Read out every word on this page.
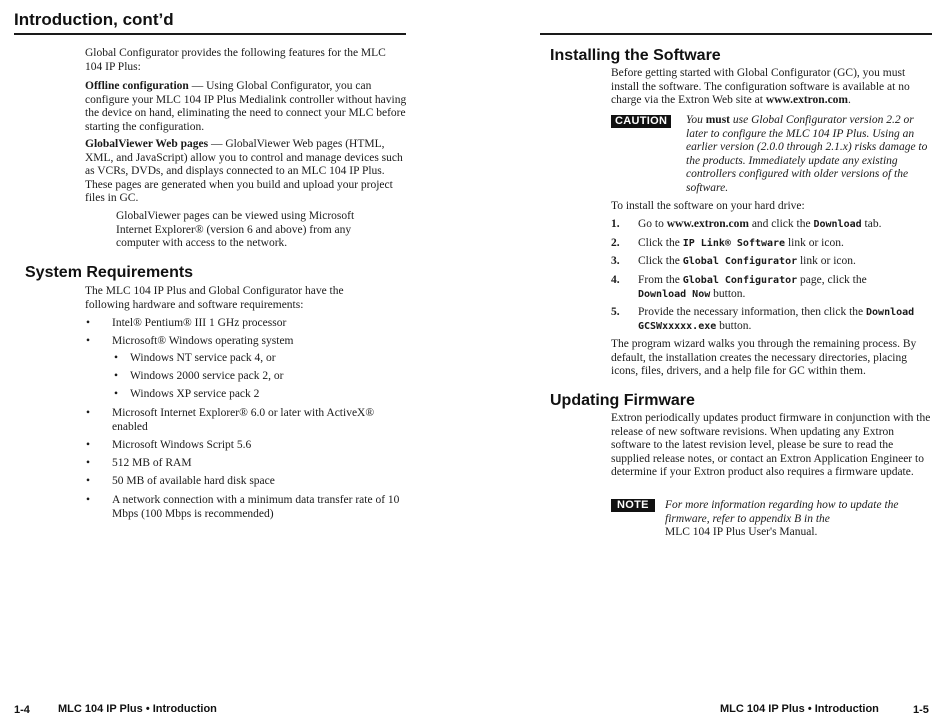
Introduction, cont’d
Global Configurator provides the following features for the MLC 104 IP Plus:
Offline configuration — Using Global Configurator, you can configure your MLC 104 IP Plus Medialink controller without having the device on hand, eliminating the need to connect your MLC before starting the configuration.
GlobalViewer Web pages — GlobalViewer Web pages (HTML, XML, and JavaScript) allow you to control and manage devices such as VCRs, DVDs, and displays connected to an MLC 104 IP Plus. These pages are generated when you build and upload your project files in GC.
GlobalViewer pages can be viewed using Microsoft Internet Explorer® (version 6 and above) from any computer with access to the network.
System Requirements
The MLC 104 IP Plus and Global Configurator have the following hardware and software requirements:
• Intel® Pentium® III 1 GHz processor
• Microsoft® Windows operating system
• Windows NT service pack 4, or
• Windows 2000 service pack 2, or
• Windows XP service pack 2
• Microsoft Internet Explorer® 6.0 or later with ActiveX® enabled
• Microsoft Windows Script 5.6
• 512 MB of RAM
• 50 MB of available hard disk space
• A network connection with a minimum data transfer rate of 10 Mbps (100 Mbps is recommended)
1-4	MLC 104 IP Plus • Introduction
Installing the Software
Before getting started with Global Configurator (GC), you must install the software. The configuration software is available at no charge via the Extron Web site at www.extron.com.
CAUTION	You must use Global Configurator version 2.2 or later to configure the MLC 104 IP Plus. Using an earlier version (2.0.0 through 2.1.x) risks damage to the products. Immediately update any existing controllers configured with older versions of the software.
To install the software on your hard drive:
1. Go to www.extron.com and click the Download tab.
2. Click the IP Link® Software link or icon.
3. Click the Global Configurator link or icon.
4. From the Global Configurator page, click the Download Now button.
5. Provide the necessary information, then click the Download GCSWxxxxx.exe button.
The program wizard walks you through the remaining process. By default, the installation creates the necessary directories, placing icons, files, drivers, and a help file for GC within them.
Updating Firmware
Extron periodically updates product firmware in conjunction with the release of new software revisions. When updating any Extron software to the latest revision level, please be sure to read the supplied release notes, or contact an Extron Application Engineer to determine if your Extron product also requires a firmware update.
NOTE	For more information regarding how to update the firmware, refer to appendix B in the
MLC 104 IP Plus User's Manual.
MLC 104 IP Plus • Introduction	1-5
